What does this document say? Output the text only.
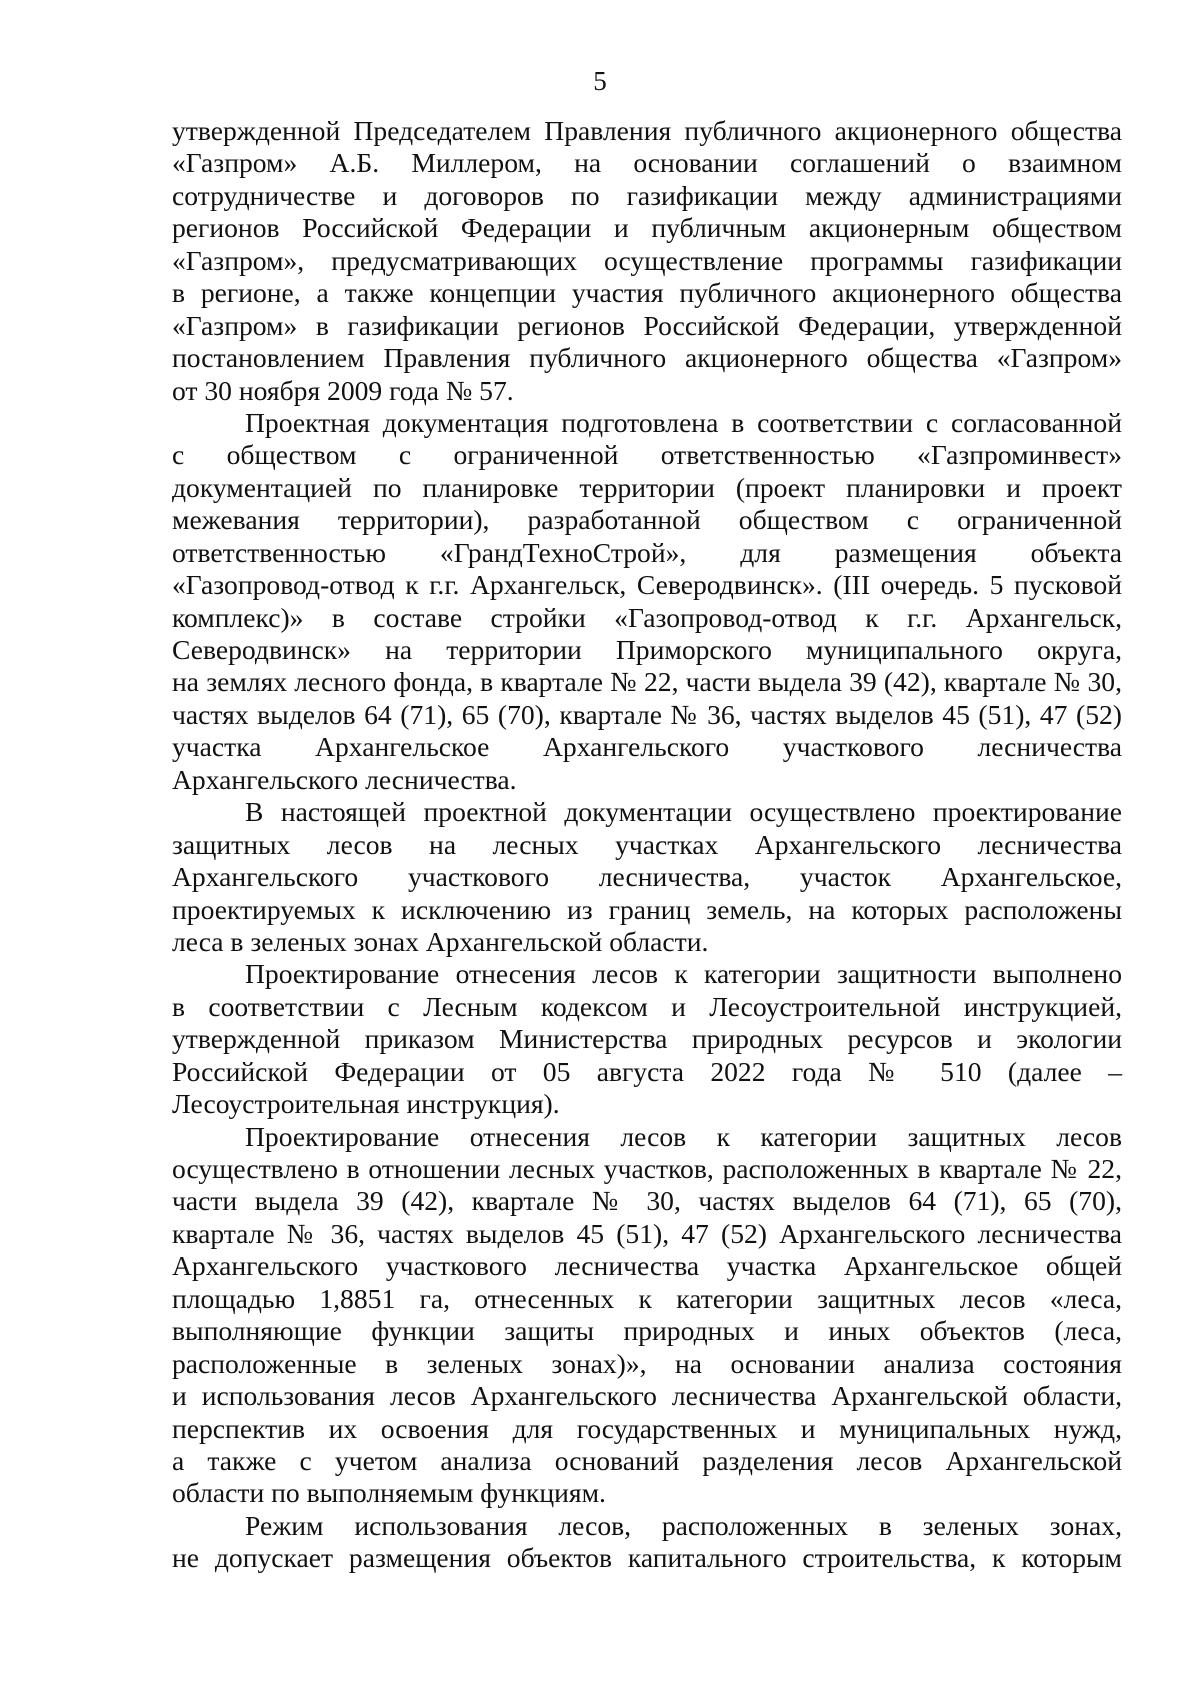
5
утвержденной Председателем Правления публичного акционерного общества
«Газпром» А.Б. Миллером, на основании соглашений о взаимном
сотрудничестве и договоров по газификации между администрациями
регионов Российской Федерации и публичным акционерным обществом
«Газпром», предусматривающих осуществление программы газификации
в регионе, а также концепции участия публичного акционерного общества
«Газпром» в газификации регионов Российской Федерации, утвержденной
постановлением Правления публичного акционерного общества «Газпром»
от 30 ноября 2009 года № 57.
Проектная документация подготовлена в соответствии с согласованной
с обществом с ограниченной ответственностью «Газпроминвест»
документацией по планировке территории (проект планировки и проект
межевания территории), разработанной обществом с ограниченной
ответственностью «ГрандТехноСтрой», для размещения объекта
«Газопровод-отвод к г.г. Архангельск, Северодвинск». (III очередь. 5 пусковой
комплекс)» в составе стройки «Газопровод-отвод к г.г. Архангельск,
Северодвинск» на территории Приморского муниципального округа,
на землях лесного фонда, в квартале № 22, части выдела 39 (42), квартале № 30,
частях выделов 64 (71), 65 (70), квартале № 36, частях выделов 45 (51), 47 (52)
участка Архангельское Архангельского участкового лесничества
Архангельского лесничества.
В настоящей проектной документации осуществлено проектирование
защитных лесов на лесных участках Архангельского лесничества
Архангельского участкового лесничества, участок Архангельское,
проектируемых к исключению из границ земель, на которых расположены
леса в зеленых зонах Архангельской области.
Проектирование отнесения лесов к категории защитности выполнено
в соответствии с Лесным кодексом и Лесоустроительной инструкцией,
утвержденной приказом Министерства природных ресурсов и экологии
Российской Федерации от 05 августа 2022 года № 510 (далее –
Лесоустроительная инструкция).
Проектирование отнесения лесов к категории защитных лесов
осуществлено в отношении лесных участков, расположенных в квартале № 22,
части выдела 39 (42), квартале № 30, частях выделов 64 (71), 65 (70),
квартале № 36, частях выделов 45 (51), 47 (52) Архангельского лесничества
Архангельского участкового лесничества участка Архангельское общей
площадью 1,8851 га, отнесенных к категории защитных лесов «леса,
выполняющие функции защиты природных и иных объектов (леса,
расположенные в зеленых зонах)», на основании анализа состояния
и использования лесов Архангельского лесничества Архангельской области,
перспектив их освоения для государственных и муниципальных нужд,
а также с учетом анализа оснований разделения лесов Архангельской
области по выполняемым функциям.
Режим использования лесов, расположенных в зеленых зонах,
не допускает размещения объектов капитального строительства, к которым
